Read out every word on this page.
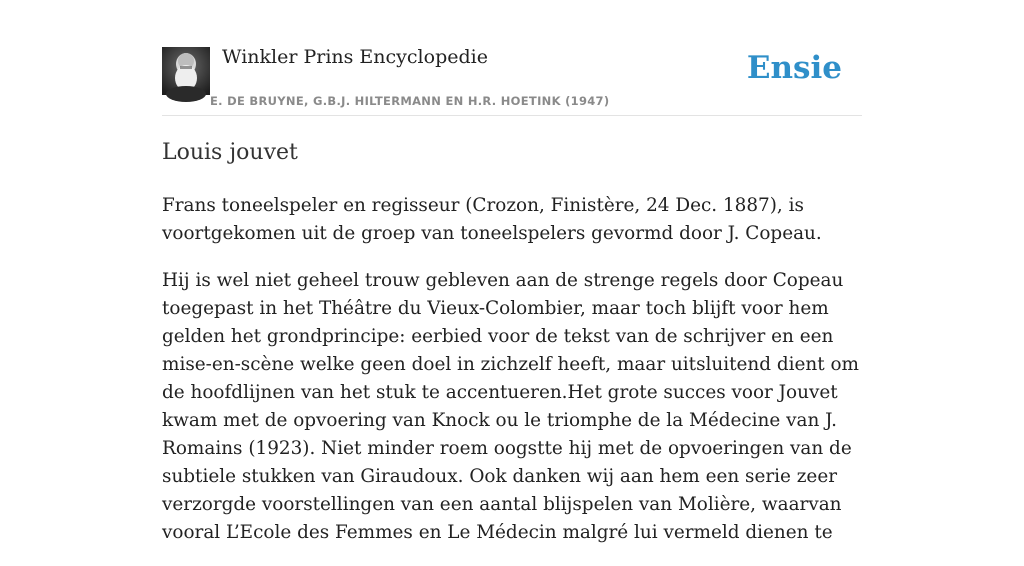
Winkler Prins Encyclopedie
E. DE BRUYNE, G.B.J. HILTERMANN EN H.R. HOETINK (1947)
Ensie
Louis jouvet

Frans toneelspeler en regisseur (Crozon, Finistère, 24 Dec. 1887), is voortgekomen uit de groep van toneelspelers gevormd door J. Copeau.

Hij is wel niet geheel trouw gebleven aan de strenge regels door Copeau toegepast in het Théâtre du Vieux-Colombier, maar toch blijft voor hem gelden het grondprincipe: eerbied voor de tekst van de schrijver en een mise-en-scène welke geen doel in zichzelf heeft, maar uitsluitend dient om de hoofdlijnen van het stuk te accentueren.Het grote succes voor Jouvet kwam met de opvoering van Knock ou le triomphe de la Médecine van J. Romains (1923). Niet minder roem oogstte hij met de opvoeringen van de subtiele stukken van Giraudoux. Ook danken wij aan hem een serie zeer verzorgde voorstellingen van een aantal blijspelen van Molière, waarvan vooral L’Ecole des Femmes en Le Médecin malgré lui vermeld dienen te
